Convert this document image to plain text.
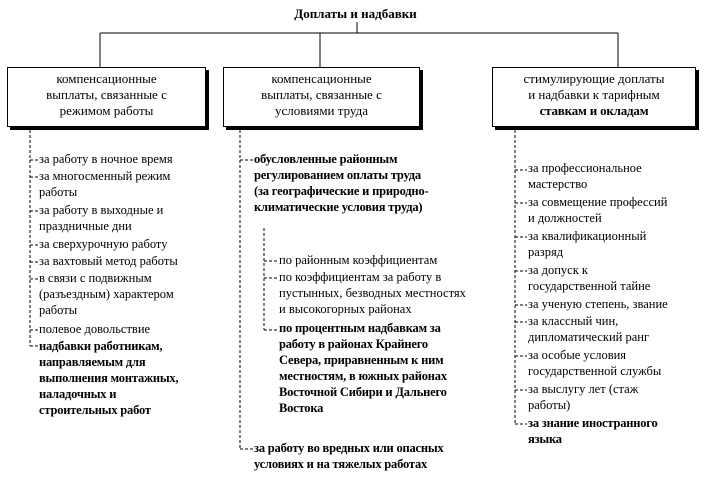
Доплаты и надбавки
компенсационные
выплаты, связанные с
режимом работы
компенсационные
выплаты, связанные с
условиями труда
стимулирующие доплаты
и надбавки к тарифным
ставкам и окладам
за работу в ночное время
за многосменный режим
работы
за работу в выходные и
праздничные дни
за сверхурочную работу
за вахтовый метод работы
в связи с подвижным
(разъездным) характером
работы
полевое довольствие
надбавки работникам,
направляемым для
выполнения монтажных,
наладочных и
строительных работ
обусловленные районным
регулированием оплаты труда
(за географические и природно-
климатические условия труда)
по районным коэффициентам
по коэффициентам за работу в
пустынных, безводных местностях
и высокогорных районах
по процентным надбавкам за
работу в районах Крайнего
Севера, приравненным к ним
местностям, в южных районах
Восточной Сибири и Дальнего
Востока
за работу во вредных или опасных
условиях и на тяжелых работах
за профессиональное
мастерство
за совмещение профессий
и должностей
за квалификационный
разряд
за допуск к
государственной тайне
за ученую степень, звание
за классный чин,
дипломатический ранг
за особые условия
государственной службы
за выслугу лет (стаж
работы)
за знание иностранного
языка
